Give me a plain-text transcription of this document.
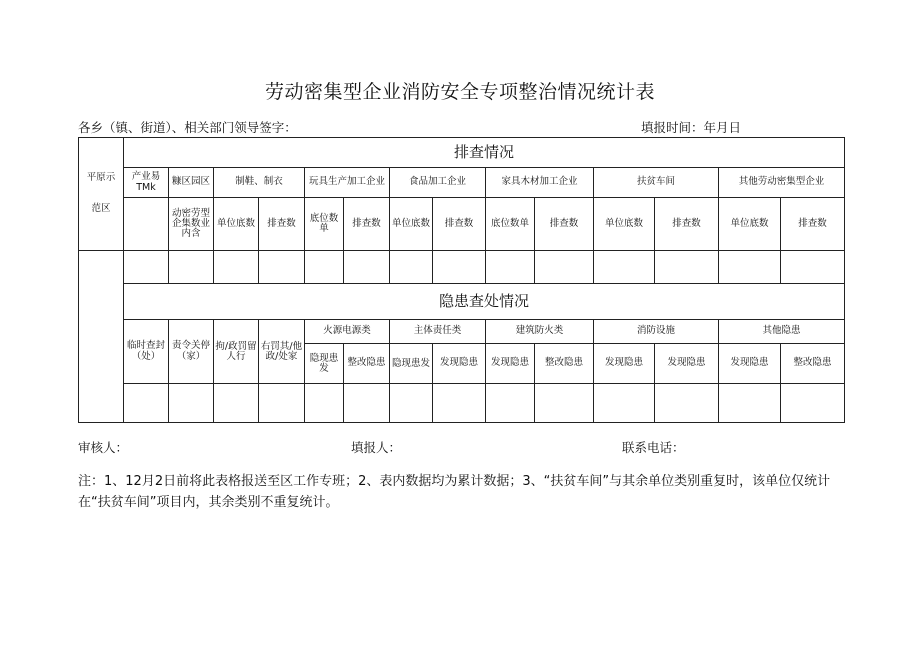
劳动密集型企业消防安全专项整治情况统计表
各乡（镇、街道）、相关部门领导签字：	填报时间：年月日
平原示
范区	排查情况													
	产业易TMk	糠区园区	制鞋、制衣		玩具生产加工企业		食品加工企业		家具木材加工企业		扶贫车间		其他劳动密集型企业	
		动密劳型企集数业内含	单位底数	排查数	底位数单	排查数	单位底数	排查数	底位数单	排查数	单位底数	排查数	单位底数	排查数

	隐患查处情况													
	临时查封（处）	责令关停（家）	拘∕政罚留人行	右罚其∕他政∕处家	火源电源类		主体责任类		建筑防火类		消防设施		其他隐患	
					隐现患发	整改隐患	隐现患发	发现隐患	发现隐患	整改隐患	发现隐患	发现隐患	发现隐患	整改隐患

审核人：	填报人：	联系电话：
注：1、12月2日前将此表格报送至区工作专班；2、表内数据均为累计数据；3、“扶贫车间”与其余单位类别重复时，该单位仅统计在“扶贫车间”项目内，其余类别不重复统计。
